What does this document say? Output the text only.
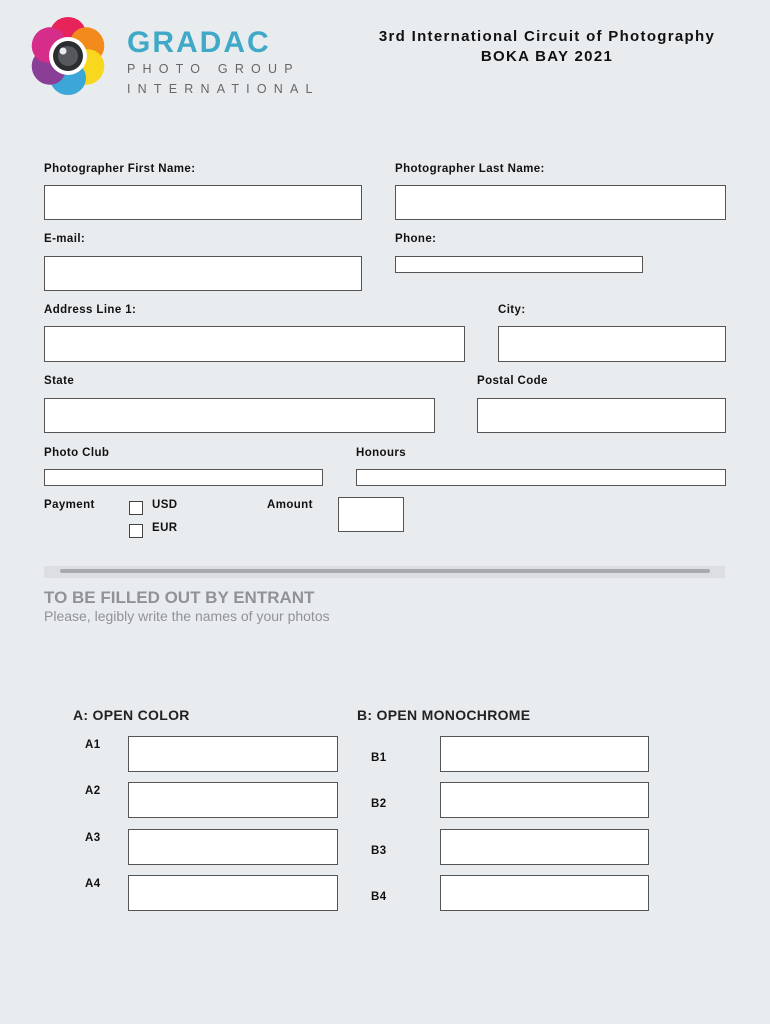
GRADAC
PHOTO GROUP
INTERNATIONAL
3rd International Circuit of Photography
BOKA BAY 2021
Photographer First Name:	Photographer Last Name:
E-mail:	Phone:
Address Line 1:	City:
State	Postal Code
Photo Club	Honours
Payment	USD
EUR
Amount
TO BE FILLED OUT BY ENTRANT
Please, legibly write the names of your photos
A: OPEN COLOR
A1
A2
A3
A4
B: OPEN MONOCHROME
B1
B2
B3
B4
